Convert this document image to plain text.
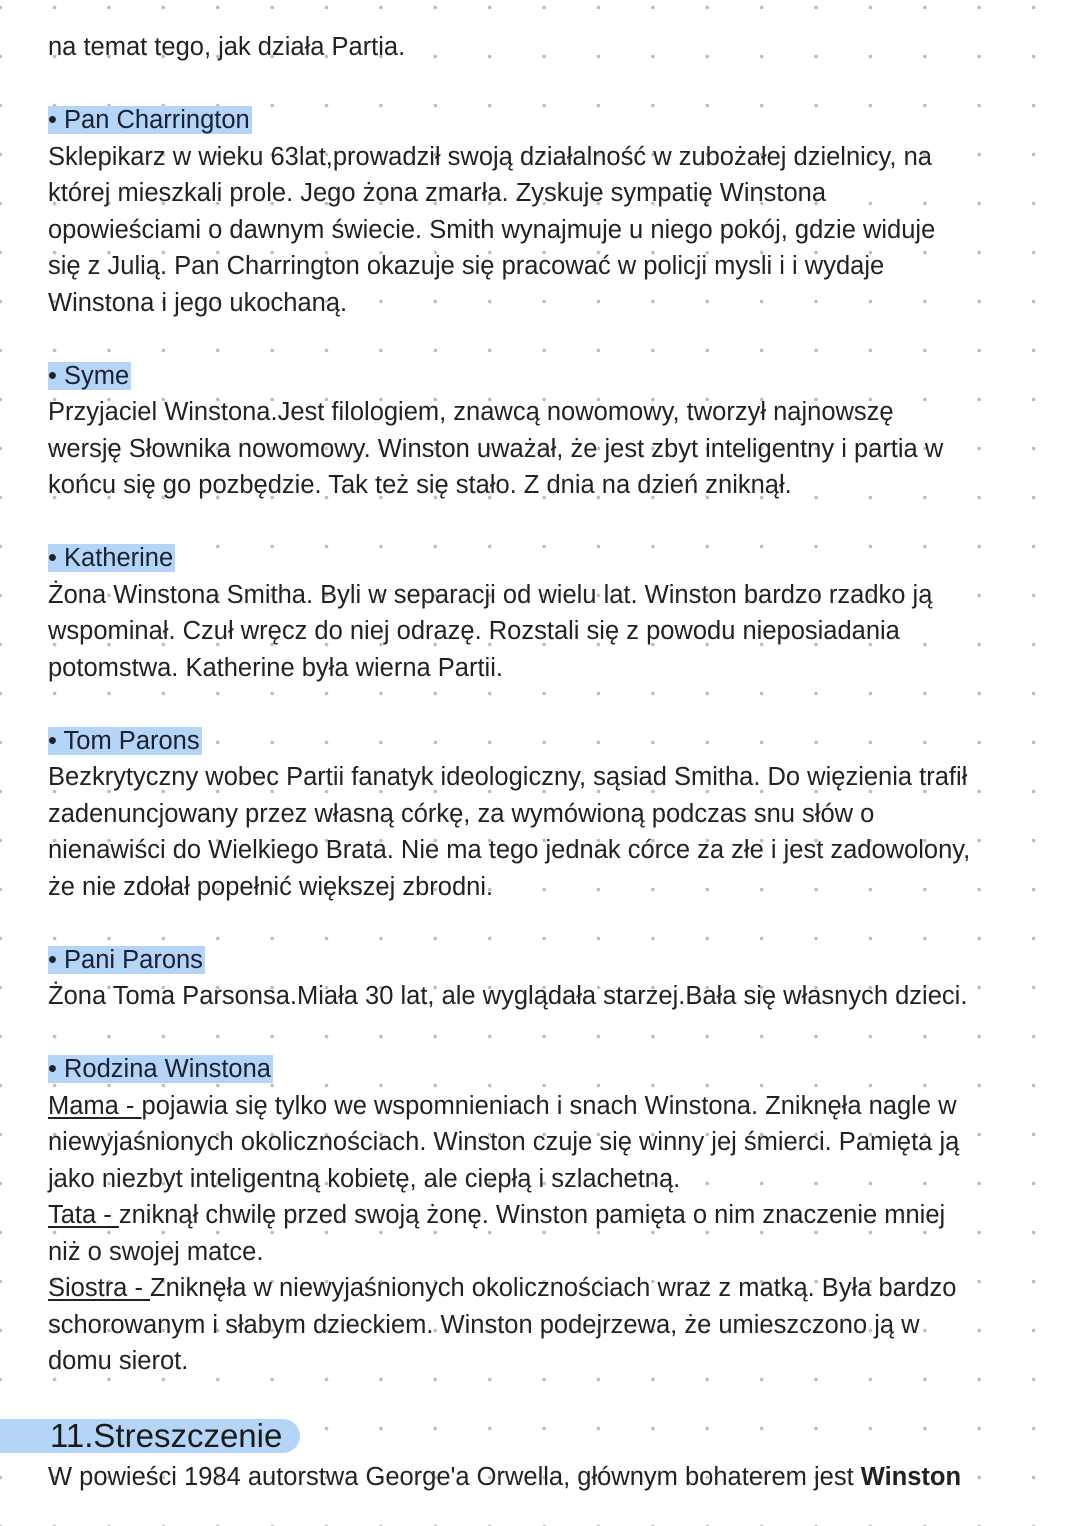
na temat tego, jak działa Partia.
• Pan Charrington
Sklepikarz w wieku 63lat,prowadził swoją działalność w zubożałej dzielnicy, na
której mieszkali prole. Jego żona zmarła. Zyskuje sympatię Winstona
opowieściami o dawnym świecie. Smith wynajmuje u niego pokój, gdzie widuje
się z Julią. Pan Charrington okazuje się pracować w policji mysli i i wydaje
Winstona i jego ukochaną.
• Syme
Przyjaciel Winstona.Jest filologiem, znawcą nowomowy, tworzył najnowszę
wersję Słownika nowomowy. Winston uważał, że jest zbyt inteligentny i partia w
końcu się go pozbędzie. Tak też się stało. Z dnia na dzień zniknął.
• Katherine
Żona Winstona Smitha. Byli w separacji od wielu lat. Winston bardzo rzadko ją
wspominał. Czuł wręcz do niej odrazę. Rozstali się z powodu nieposiadania
potomstwa. Katherine była wierna Partii.
• Tom Parons
Bezkrytyczny wobec Partii fanatyk ideologiczny, sąsiad Smitha. Do więzienia trafił
zadenuncjowany przez własną córkę, za wymówioną podczas snu słów o
nienawiści do Wielkiego Brata. Nie ma tego jednak córce za złe i jest zadowolony,
że nie zdołał popełnić większej zbrodni.
• Pani Parons
Żona Toma Parsonsa.Miała 30 lat, ale wyglądała starzej.Bała się własnych dzieci.
• Rodzina Winstona
Mama - pojawia się tylko we wspomnieniach i snach Winstona. Zniknęła nagle w
niewyjaśnionych okolicznościach. Winston czuje się winny jej śmierci. Pamięta ją
jako niezbyt inteligentną kobietę, ale ciepłą i szlachetną.
Tata - zniknął chwilę przed swoją żonę. Winston pamięta o nim znaczenie mniej
niż o swojej matce.
Siostra - Zniknęła w niewyjaśnionych okolicznościach wraz z matką. Była bardzo
schorowanym i słabym dzieckiem. Winston podejrzewa, że umieszczono ją w
domu sierot.
11.Streszczenie
W powieści 1984 autorstwa George'a Orwella, głównym bohaterem jest Winston
